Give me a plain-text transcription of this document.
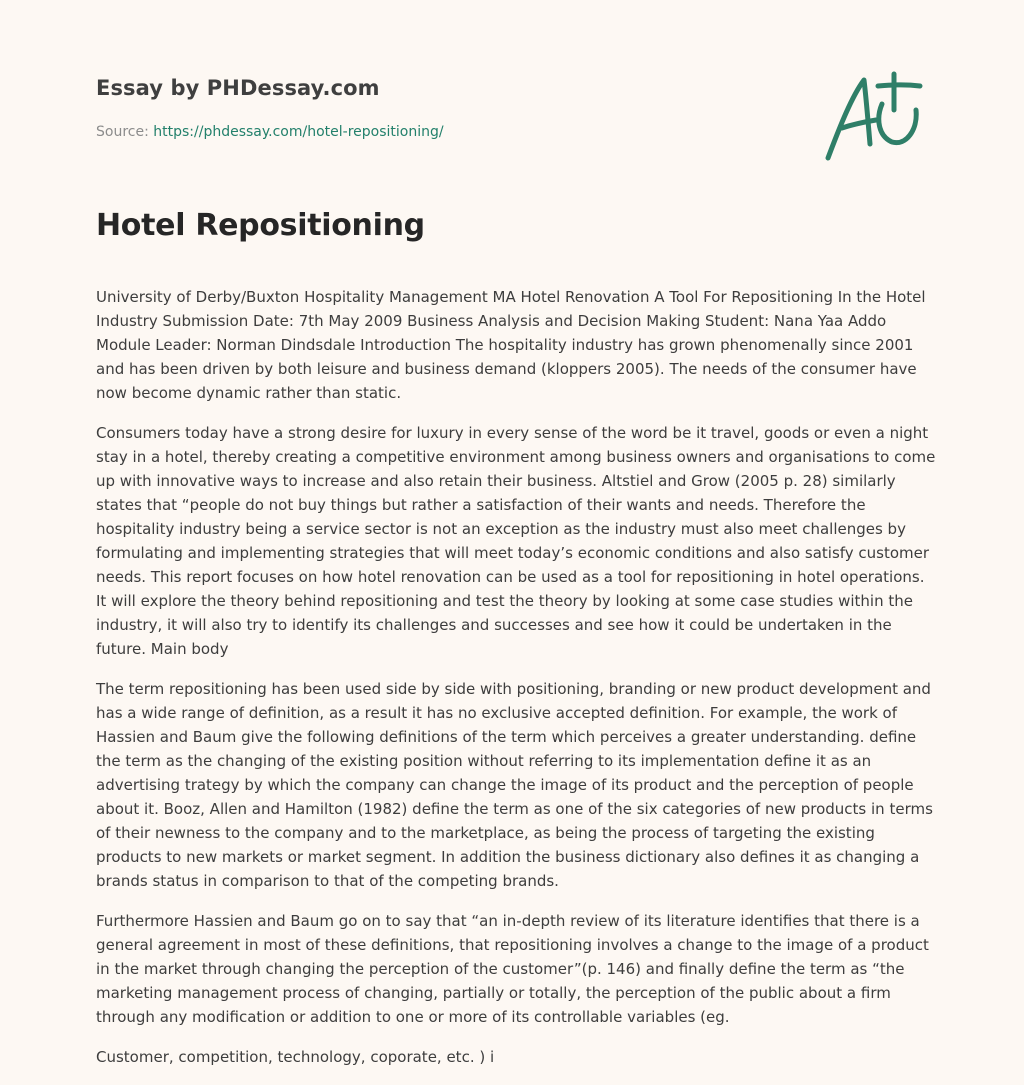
Essay by PHDessay.com
Source: https://phdessay.com/hotel-repositioning/
Hotel Repositioning

University of Derby/Buxton Hospitality Management MA Hotel Renovation A Tool For Repositioning In the Hotel Industry Submission Date: 7th May 2009 Business Analysis and Decision Making Student: Nana Yaa Addo Module Leader: Norman Dindsdale Introduction The hospitality industry has grown phenomenally since 2001 and has been driven by both leisure and business demand (kloppers 2005). The needs of the consumer have now become dynamic rather than static.

Consumers today have a strong desire for luxury in every sense of the word be it travel, goods or even a night stay in a hotel, thereby creating a competitive environment among business owners and organisations to come up with innovative ways to increase and also retain their business. Altstiel and Grow (2005 p. 28) similarly states that “people do not buy things but rather a satisfaction of their wants and needs. Therefore the hospitality industry being a service sector is not an exception as the industry must also meet challenges by formulating and implementing strategies that will meet today’s economic conditions and also satisfy customer needs. This report focuses on how hotel renovation can be used as a tool for repositioning in hotel operations. It will explore the theory behind repositioning and test the theory by looking at some case studies within the industry, it will also try to identify its challenges and successes and see how it could be undertaken in the future. Main body

The term repositioning has been used side by side with positioning, branding or new product development and has a wide range of definition, as a result it has no exclusive accepted definition. For example, the work of Hassien and Baum give the following definitions of the term which perceives a greater understanding. define the term as the changing of the existing position without referring to its implementation define it as an advertising trategy by which the company can change the image of its product and the perception of people about it. Booz, Allen and Hamilton (1982) define the term as one of the six categories of new products in terms of their newness to the company and to the marketplace, as being the process of targeting the existing products to new markets or market segment. In addition the business dictionary also defines it as changing a brands status in comparison to that of the competing brands.

Furthermore Hassien and Baum go on to say that “an in-depth review of its literature identifies that there is a general agreement in most of these definitions, that repositioning involves a change to the image of a product in the market through changing the perception of the customer”(p. 146) and finally define the term as “the marketing management process of changing, partially or totally, the perception of the public about a firm through any modification or addition to one or more of its controllable variables (eg.

Customer, competition, technology, coporate, etc. ) i
